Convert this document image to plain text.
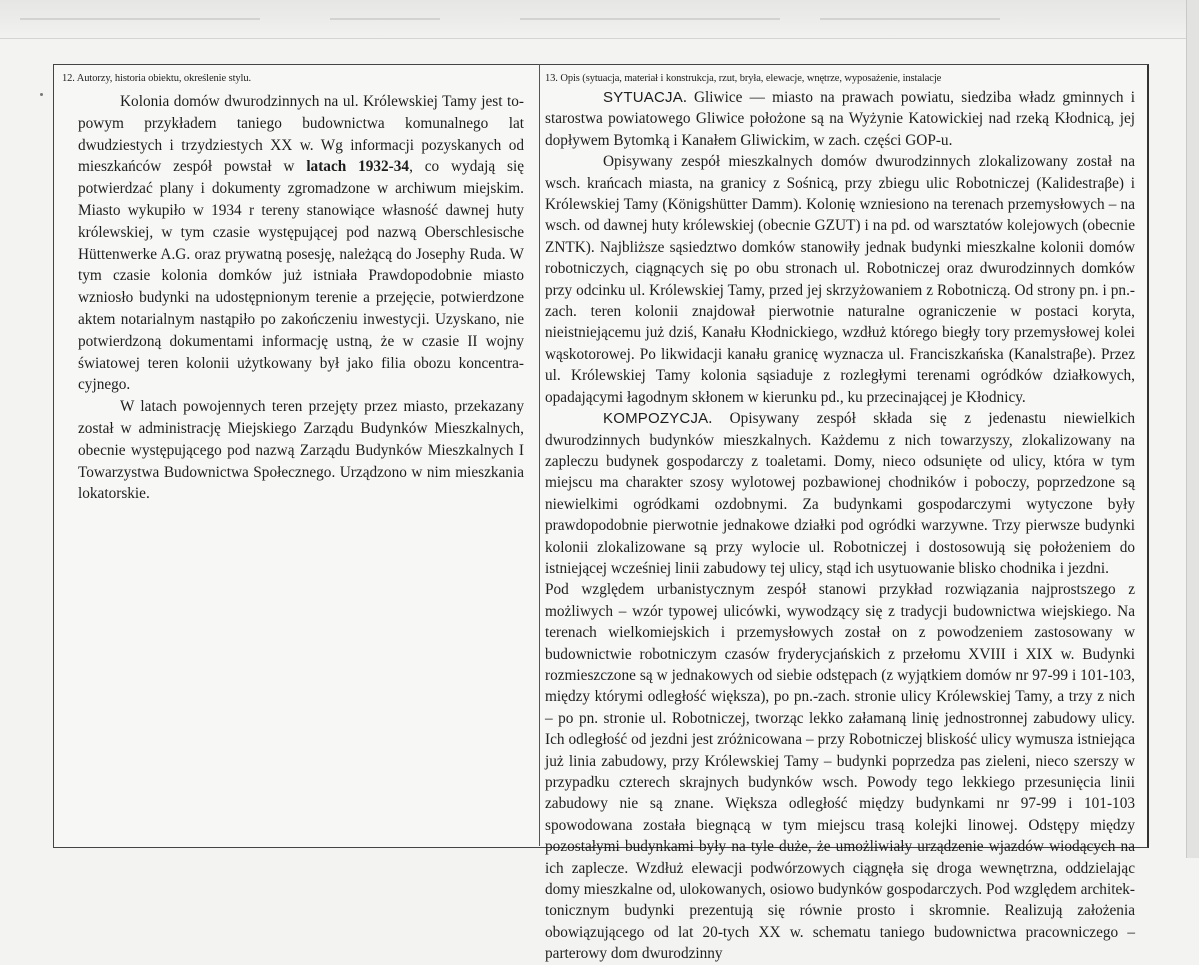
12. Autorzy, historia obiektu, określenie stylu.	13. Opis (sytuacja, materiał i konstrukcja, rzut, bryła, elewacje, wnętrze, wyposażenie, instalacje

Kolonia domów dwurodzinnych na ul. Królewskiej Tamy jest topowym przykładem taniego budownictwa komunalnego lat dwudziestych i trzydziestych XX w. Wg informacji pozyskanych od mieszkańców zespół powstał w latach 1932-34, co wydają się potwierdzać plany i dokumenty zgromadzone w archiwum miejskim. Miasto wykupiło w 1934 r tereny stanowiące własność dawnej huty królewskiej, w tym czasie występującej pod nazwą Oberschlesische Hüttenwerke A.G. oraz prywatną posesję, należącą do Josephy Ruda. W tym czasie kolonia domków już istniała Prawdopodobnie miasto wzniosło budynki na udostępnionym terenie a przejęcie, potwierdzone aktem notarialnym nastąpiło po zakończeniu inwestycji. Uzyskano, nie potwierdzoną dokumentami informację ustną, że w czasie II wojny światowej teren kolonii użytkowany był jako filia obozu koncentracyjnego.

W latach powojennych teren przejęty przez miasto, przekazany został w administrację Miejskiego Zarządu Budynków Mieszkalnych, obecnie występującego pod nazwą Zarządu Budynków Mieszkalnych I Towarzystwa Budownictwa Społecznego. Urządzono w nim mieszkania lokatorskie.

SYTUACJA. Gliwice — miasto na prawach powiatu, siedziba władz gminnych i starostwa powiatowego Gliwice położone są na Wyżynie Katowickiej nad rzeką Kłodnicą, jej dopływem Bytomką i Kanałem Gliwickim, w zach. części GOP-u.

Opisywany zespół mieszkalnych domów dwurodzinnych zlokalizowany został na wsch. krańcach miasta, na granicy z Sośnicą, przy zbiegu ulic Robotniczej (Kalidestraβe) i Królewskiej Tamy (Königshütter Damm). Kolonię wzniesiono na terenach przemysłowych – na wsch. od dawnej huty królewskiej (obecnie GZUT) i na pd. od warsztatów kolejowych (obecnie ZNTK). Najbliższe sąsiedztwo domków stanowiły jednak budynki mieszkalne kolonii domów robotniczych, ciągnących się po obu stronach ul. Robotniczej oraz dwurodzinnych domków przy odcinku ul. Królewskiej Tamy, przed jej skrzyżowaniem z Robotniczą. Od strony pn. i pn.-zach. teren kolonii znajdował pierwotnie naturalne ograniczenie w postaci koryta, nieistniejącemu już dziś, Kanału Kłodnickiego, wzdłuż którego biegły tory przemysłowej kolei wąskotorowej. Po likwidacji kanału granicę wyznacza ul. Franciszkańska (Kanalstraβe). Przez ul. Królewskiej Tamy kolonia sąsiaduje z rozległymi terenami ogródków działkowych, opadającymi łagodnym skłonem w kierunku pd., ku przecinającej je Kłodnicy.

KOMPOZYCJA. Opisywany zespół składa się z jedenastu niewielkich dwurodzinnych budynków mieszkalnych. Każdemu z nich towarzyszy, zlokalizowany na zapleczu budynek gospodarczy z toaletami. Domy, nieco odsunięte od ulicy, która w tym miejscu ma charakter szosy wylotowej pozbawionej chodników i poboczy, poprzedzone są niewielkimi ogródkami ozdobnymi. Za budynkami gospodarczymi wytyczone były prawdopodobnie pierwotnie jednakowe działki pod ogródki warzywne. Trzy pierwsze budynki kolonii zlokalizowane są przy wylocie ul. Robotniczej i dostosowują się położeniem do istniejącej wcześniej linii zabudowy tej ulicy, stąd ich usytuowanie blisko chodnika i jezdni.

Pod względem urbanistycznym zespół stanowi przykład rozwiązania najprostszego z możliwych – wzór typowej ulicówki, wywodzący się z tradycji budownictwa wiejskiego. Na terenach wielkomiejskich i przemysłowych został on z powodzeniem zastosowany w budownictwie robotniczym czasów fryderycjańskich z przełomu XVIII i XIX w. Budynki rozmieszczone są w jednakowych od siebie odstępach (z wyjątkiem domów nr 97-99 i 101-103, między którymi odległość większa), po pn.-zach. stronie ulicy Królewskiej Tamy, a trzy z nich – po pn. stronie ul. Robotniczej, tworząc lekko załamaną linię jednostronnej zabudowy ulicy. Ich odległość od jezdni jest zróżnicowana – przy Robotniczej bliskość ulicy wymusza istniejąca już linia zabudowy, przy Królewskiej Tamy – budynki poprzedza pas zieleni, nieco szerszy w przypadku czterech skrajnych budynków wsch. Powody tego lekkiego przesunięcia linii zabudowy nie są znane. Większa odległość między budynkami nr 97-99 i 101-103 spowodowana została biegnącą w tym miejscu trasą kolejki linowej. Odstępy między pozostałymi budynkami były na tyle duże, że umożliwiały urządzenie wjazdów wiodących na ich zaplecze. Wzdłuż elewacji podwórzowych ciągnęła się droga wewnętrzna, oddzielając domy mieszkalne od, ulokowanych, osiowo budynków gospodarczych. Pod względem architektonicznym budynki prezentują się równie prosto i skromnie. Realizują założenia obowiązującego od lat 20-tych XX w. schematu taniego budownictwa pracowniczego – parterowy dom dwurodzinny
